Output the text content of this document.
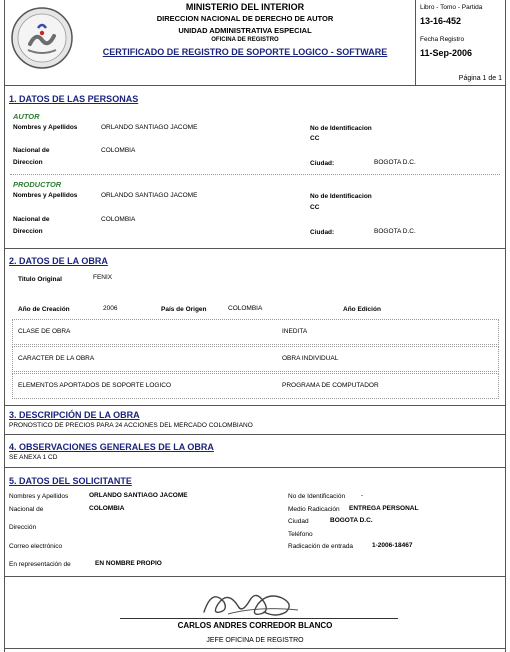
MINISTERIO DEL INTERIOR
DIRECCION NACIONAL DE DERECHO DE AUTOR
UNIDAD ADMINISTRATIVA ESPECIAL
OFICINA DE REGISTRO
CERTIFICADO DE REGISTRO DE SOPORTE LOGICO - SOFTWARE
Libro - Tomo - Partida
13-16-452
Fecha Registro
11-Sep-2006
Página 1 de 1
1. DATOS DE LAS PERSONAS
AUTOR
Nombres y Apellidos	ORLANDO SANTIAGO JACOME	No de Identificacion
CC
Nacional de	COLOMBIA
Direccion	Ciudad:	BOGOTA D.C.
PRODUCTOR
Nombres y Apellidos	ORLANDO SANTIAGO JACOME	No de Identificacion
CC
Nacional de	COLOMBIA
Direccion	Ciudad:	BOGOTA D.C.
2. DATOS DE LA OBRA
Titulo Original	FENIX
Año de Creación	2006	País de Origen	COLOMBIA	Año Edición
CLASE DE OBRA	INEDITA
CARACTER DE LA OBRA	OBRA INDIVIDUAL
ELEMENTOS APORTADOS DE SOPORTE LOGICO	PROGRAMA DE COMPUTADOR
3. DESCRIPCIÓN DE LA OBRA
PRONOSTICO DE PRECIOS PARA 24 ACCIONES DEL MERCADO COLOMBIANO
4. OBSERVACIONES GENERALES DE LA OBRA
SE ANEXA 1 CD
5. DATOS DEL SOLICITANTE
Nombres y Apellidos	ORLANDO SANTIAGO JACOME
Nacional de	COLOMBIA
Dirección
Correo electrónico
En representación de	EN NOMBRE PROPIO
No de Identificación -
Medio Radicación ENTREGA PERSONAL
Ciudad	BOGOTA D.C.
Teléfono
Radicación de entrada	1-2006-18467
CARLOS ANDRES CORREDOR BLANCO
JEFE OFICINA DE REGISTRO
